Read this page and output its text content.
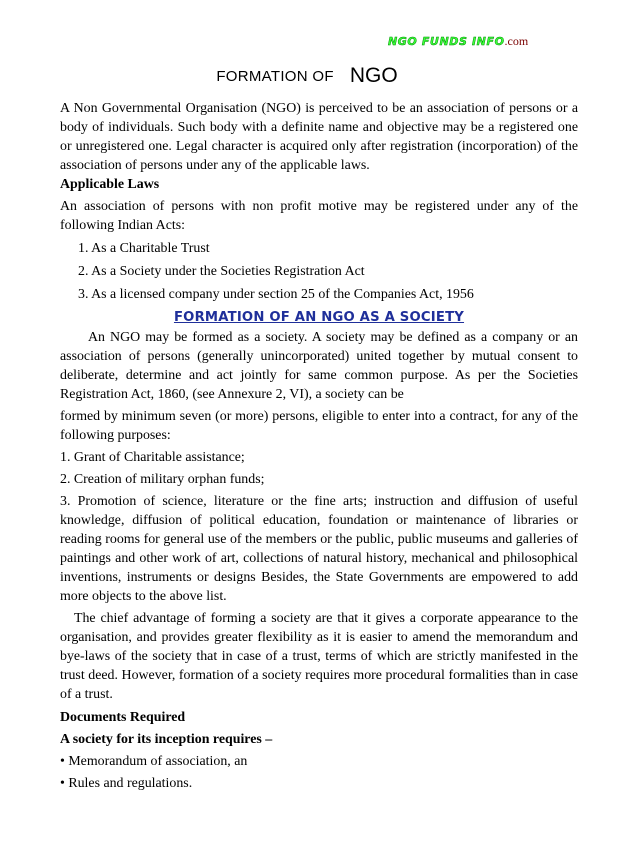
NGO FUNDS INFO.com
FORMATION OF NGO

A Non Governmental Organisation (NGO) is perceived to be an association of persons or a body of individuals. Such body with a definite name and objective may be a registered one or unregistered one. Legal character is acquired only after registration (incorporation) of the association of persons under any of the applicable laws.

Applicable Laws

An association of persons with non profit motive may be registered under any of the following Indian Acts:

1. As a Charitable Trust

2. As a Society under the Societies Registration Act

3. As a licensed company under section 25 of the Companies Act, 1956

FORMATION OF AN NGO AS A SOCIETY

An NGO may be formed as a society. A society may be defined as a company or an association of persons (generally unincorporated) united together by mutual consent to deliberate, determine and act jointly for same common purpose. As per the Societies Registration Act, 1860, (see Annexure 2, VI), a society can be

formed by minimum seven (or more) persons, eligible to enter into a contract, for any of the following purposes:

1. Grant of Charitable assistance;

2. Creation of military orphan funds;

3. Promotion of science, literature or the fine arts; instruction and diffusion of useful knowledge, diffusion of political education, foundation or maintenance of libraries or reading rooms for general use of the members or the public, public museums and galleries of paintings and other work of art, collections of natural history, mechanical and philosophical inventions, instruments or designs Besides, the State Governments are empowered to add more objects to the above list.

The chief advantage of forming a society are that it gives a corporate appearance to the organisation, and provides greater flexibility as it is easier to amend the memorandum and bye-laws of the society that in case of a trust, terms of which are strictly manifested in the trust deed. However, formation of a society requires more procedural formalities than in case of a trust.

Documents Required

A society for its inception requires –

• Memorandum of association, an

• Rules and regulations.
